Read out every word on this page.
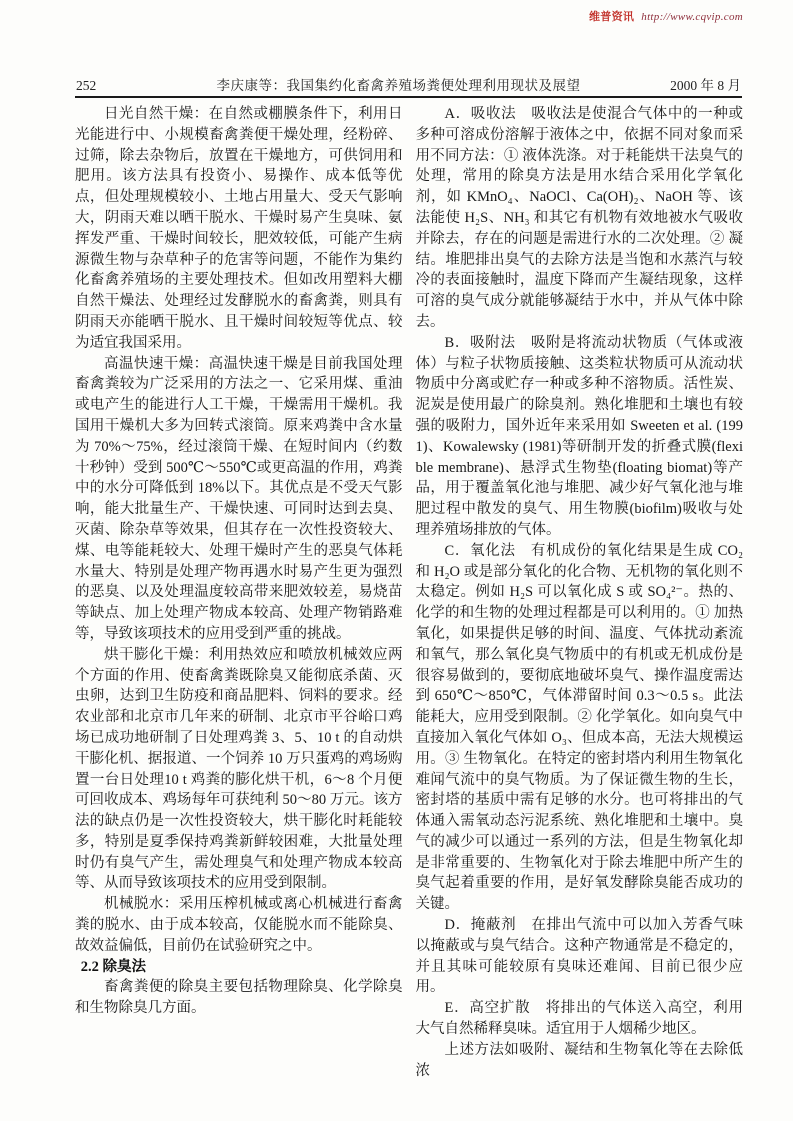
维普资讯 http://www.cqvip.com
252	李庆康等：我国集约化畜禽养殖场粪便处理利用现状及展望	2000 年 8 月

日光自然干燥：在自然或棚膜条件下，利用日光能进行中、小规模畜禽粪便干燥处理，经粉碎、过筛，除去杂物后，放置在干燥地方，可供饲用和肥用。该方法具有投资小、易操作、成本低等优点，但处理规模较小、土地占用量大、受天气影响大，阴雨天难以晒干脱水、干燥时易产生臭味、氨挥发严重、干燥时间较长，肥效较低，可能产生病源微生物与杂草种子的危害等问题，不能作为集约化畜禽养殖场的主要处理技术。但如改用塑料大棚自然干燥法、处理经过发酵脱水的畜禽粪，则具有阴雨天亦能晒干脱水、且干燥时间较短等优点、较为适宜我国采用。

高温快速干燥：高温快速干燥是目前我国处理畜禽粪较为广泛采用的方法之一、它采用煤、重油或电产生的能进行人工干燥，干燥需用干燥机。我国用干燥机大多为回转式滚筒。原来鸡粪中含水量为 70%～75%，经过滚筒干燥、在短时间内（约数十秒钟）受到 500℃～550℃或更高温的作用，鸡粪中的水分可降低到 18%以下。其优点是不受天气影响，能大批量生产、干燥快速、可同时达到去臭、灭菌、除杂草等效果，但其存在一次性投资较大、煤、电等能耗较大、处理干燥时产生的恶臭气体耗水量大、特别是处理产物再遇水时易产生更为强烈的恶臭、以及处理温度较高带来肥效较差，易烧苗等缺点、加上处理产物成本较高、处理产物销路难等，导致该项技术的应用受到严重的挑战。

烘干膨化干燥：利用热效应和喷放机械效应两个方面的作用、使畜禽粪既除臭又能彻底杀菌、灭虫卵，达到卫生防疫和商品肥料、饲料的要求。经农业部和北京市几年来的研制、北京市平谷峪口鸡场已成功地研制了日处理鸡粪 3、5、10 t 的自动烘干膨化机、据报道、一个饲养 10 万只蛋鸡的鸡场购置一台日处理10 t 鸡粪的膨化烘干机，6～8 个月便可回收成本、鸡场每年可获纯利 50～80 万元。该方法的缺点仍是一次性投资较大，烘干膨化时耗能较多，特别是夏季保持鸡粪新鲜较困难，大批量处理时仍有臭气产生，需处理臭气和处理产物成本较高等、从而导致该项技术的应用受到限制。

机械脱水：采用压榨机械或离心机械进行畜禽粪的脱水、由于成本较高，仅能脱水而不能除臭、故效益偏低，目前仍在试验研究之中。

2.2 除臭法

畜禽粪便的除臭主要包括物理除臭、化学除臭和生物除臭几方面。

A．吸收法　吸收法是使混合气体中的一种或多种可溶成份溶解于液体之中，依据不同对象而采用不同方法：① 液体洗涤。对于耗能烘干法臭气的处理，常用的除臭方法是用水结合采用化学氧化剂，如 KMnO₄、NaOCl、Ca(OH)₂、NaOH 等、该法能使 H₂S、NH₃ 和其它有机物有效地被水气吸收并除去，存在的问题是需进行水的二次处理。② 凝结。堆肥排出臭气的去除方法是当饱和水蒸汽与较冷的表面接触时，温度下降而产生凝结现象，这样可溶的臭气成分就能够凝结于水中，并从气体中除去。

B．吸附法　吸附是将流动状物质（气体或液体）与粒子状物质接触、这类粒状物质可从流动状物质中分离或贮存一种或多种不溶物质。活性炭、泥炭是使用最广的除臭剂。熟化堆肥和土壤也有较强的吸附力，国外近年来采用如 Sweeten et al. (1991)、Kowalewsky (1981)等研制开发的折叠式膜(flexible membrane)、悬浮式生物垫(floating biomat)等产品，用于覆盖氧化池与堆肥、减少好气氧化池与堆肥过程中散发的臭气、用生物膜(biofilm)吸收与处理养殖场排放的气体。

C．氧化法　有机成份的氧化结果是生成 CO₂ 和 H₂O 或是部分氧化的化合物、无机物的氧化则不太稳定。例如 H₂S 可以氧化成 S 或 SO₄²⁻。热的、化学的和生物的处理过程都是可以利用的。① 加热氧化，如果提供足够的时间、温度、气体扰动紊流和氧气，那么氧化臭气物质中的有机或无机成份是很容易做到的，要彻底地破坏臭气、操作温度需达到 650℃～850℃，气体滞留时间 0.3～0.5 s。此法能耗大，应用受到限制。② 化学氧化。如向臭气中直接加入氧化气体如 O₃、但成本高，无法大规模运用。③ 生物氧化。在特定的密封塔内利用生物氧化难闻气流中的臭气物质。为了保证微生物的生长，密封塔的基质中需有足够的水分。也可将排出的气体通入需氧动态污泥系统、熟化堆肥和土壤中。臭气的减少可以通过一系列的方法，但是生物氧化却是非常重要的、生物氧化对于除去堆肥中所产生的臭气起着重要的作用，是好氧发酵除臭能否成功的关键。

D．掩蔽剂　在排出气流中可以加入芳香气味以掩蔽或与臭气结合。这种产物通常是不稳定的，并且其味可能较原有臭味还难闻、目前已很少应用。

E．高空扩散　将排出的气体送入高空，利用大气自然稀释臭味。适宜用于人烟稀少地区。

上述方法如吸附、凝结和生物氧化等在去除低浓
